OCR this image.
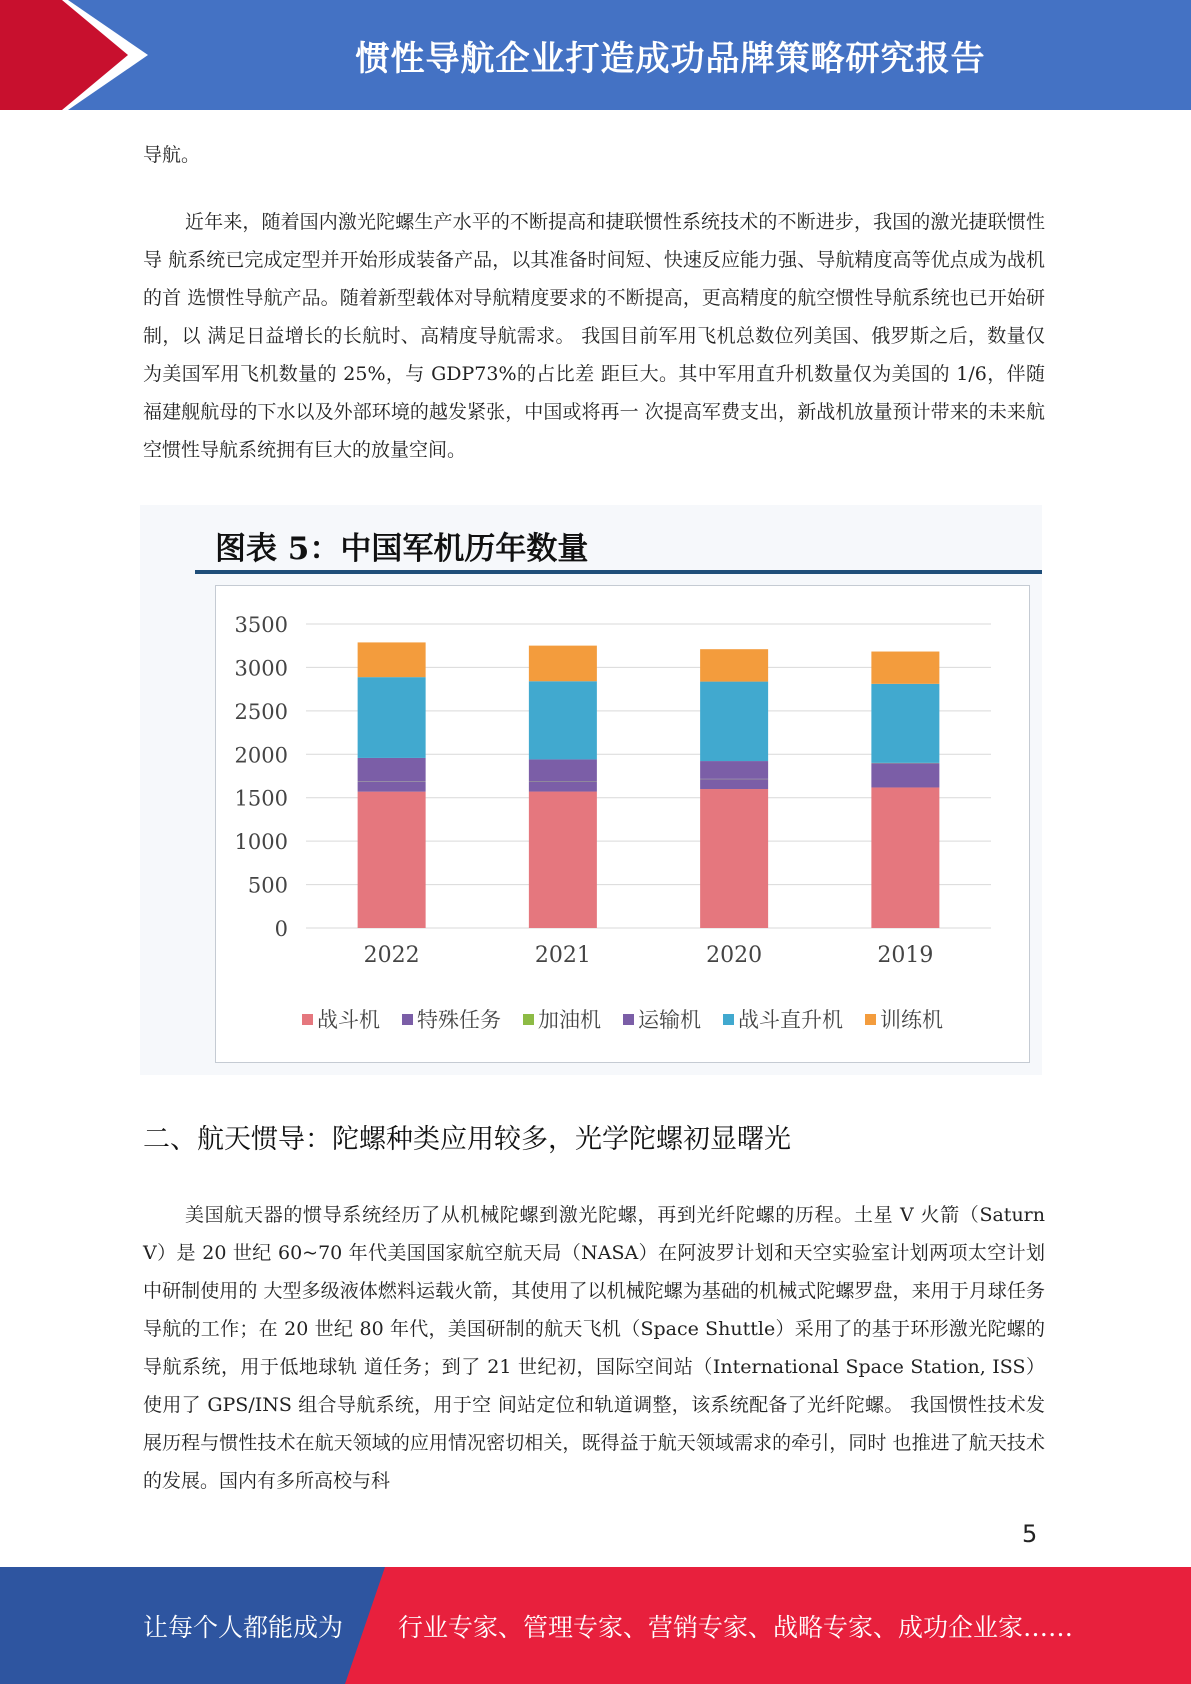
惯性导航企业打造成功品牌策略研究报告

导航。

近年来，随着国内激光陀螺生产水平的不断提高和捷联惯性系统技术的不断进步，我国的激光捷联惯性导 航系统已完成定型并开始形成装备产品，以其准备时间短、快速反应能力强、导航精度高等优点成为战机的首 选惯性导航产品。随着新型载体对导航精度要求的不断提高，更高精度的航空惯性导航系统也已开始研制，以 满足日益增长的长航时、高精度导航需求。 我国目前军用飞机总数位列美国、俄罗斯之后，数量仅为美国军用飞机数量的 25%，与 GDP73%的占比差 距巨大。其中军用直升机数量仅为美国的 1/6，伴随福建舰航母的下水以及外部环境的越发紧张，中国或将再一 次提高军费支出，新战机放量预计带来的未来航空惯性导航系统拥有巨大的放量空间。

图表 5：中国军机历年数量
0
500
1000
1500
2000
2500
3000
3500
2022	2021	2020	2019
战斗机 特殊任务 加油机 运输机 战斗直升机 训练机
二、航天惯导：陀螺种类应用较多，光学陀螺初显曙光

美国航天器的惯导系统经历了从机械陀螺到激光陀螺，再到光纤陀螺的历程。土星 V 火箭（Saturn V）是 20 世纪 60~70 年代美国国家航空航天局（NASA）在阿波罗计划和天空实验室计划两项太空计划中研制使用的 大型多级液体燃料运载火箭，其使用了以机械陀螺为基础的机械式陀螺罗盘，来用于月球任务导航的工作；在 20 世纪 80 年代，美国研制的航天飞机（Space Shuttle）采用了的基于环形激光陀螺的导航系统，用于低地球轨 道任务；到了 21 世纪初，国际空间站（International Space Station, ISS）使用了 GPS/INS 组合导航系统，用于空 间站定位和轨道调整，该系统配备了光纤陀螺。 我国惯性技术发展历程与惯性技术在航天领域的应用情况密切相关，既得益于航天领域需求的牵引，同时 也推进了航天技术的发展。国内有多所高校与科

5

让每个人都能成为 行业专家、管理专家、营销专家、战略专家、成功企业家……
